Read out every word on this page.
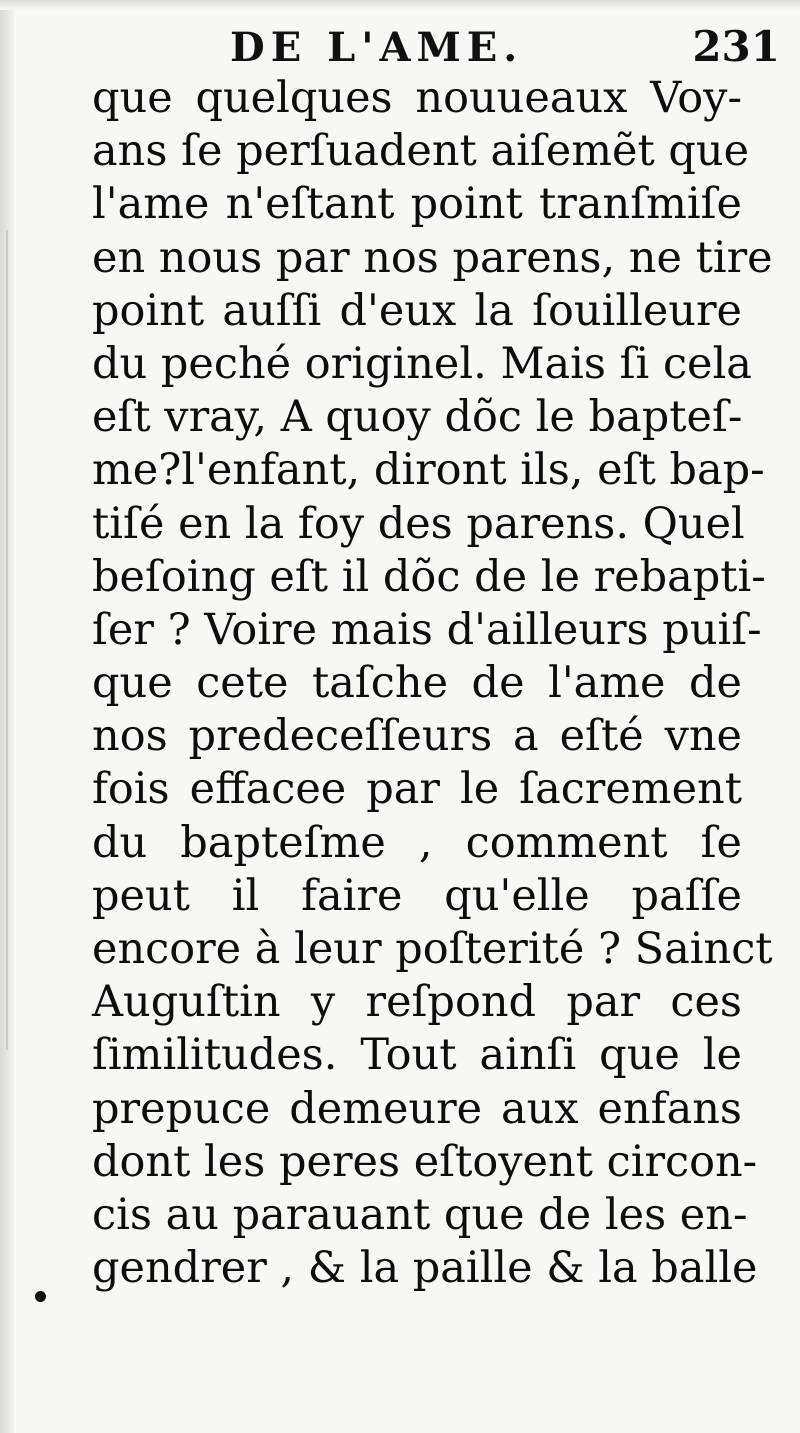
DE L'AME.	231
que quelques nouueaux Voy-
ans ſe perſuadent aiſemẽt que
l'ame n'eſtant point tranſmiſe
en nous par nos parens, ne tire
point auſſi d'eux la ſouilleure
du peché originel. Mais ſi cela
eſt vray, A quoy dõc le bapteſ-
me?l'enfant, diront ils, eſt bap-
tiſé en la foy des parens. Quel
beſoing eſt il dõc de le rebapti-
ſer ? Voire mais d'ailleurs puiſ-
que cete taſche de l'ame de
nos predeceſſeurs a eſté vne
fois effacee par le ſacrement
du bapteſme , comment ſe
peut il faire qu'elle paſſe
encore à leur poſterité ? Sainct
Auguſtin y reſpond par ces
ſimilitudes. Tout ainſi que le
prepuce demeure aux enfans
dont les peres eſtoyent circon-
cis au parauant que de les en-
gendrer , & la paille & la balle
